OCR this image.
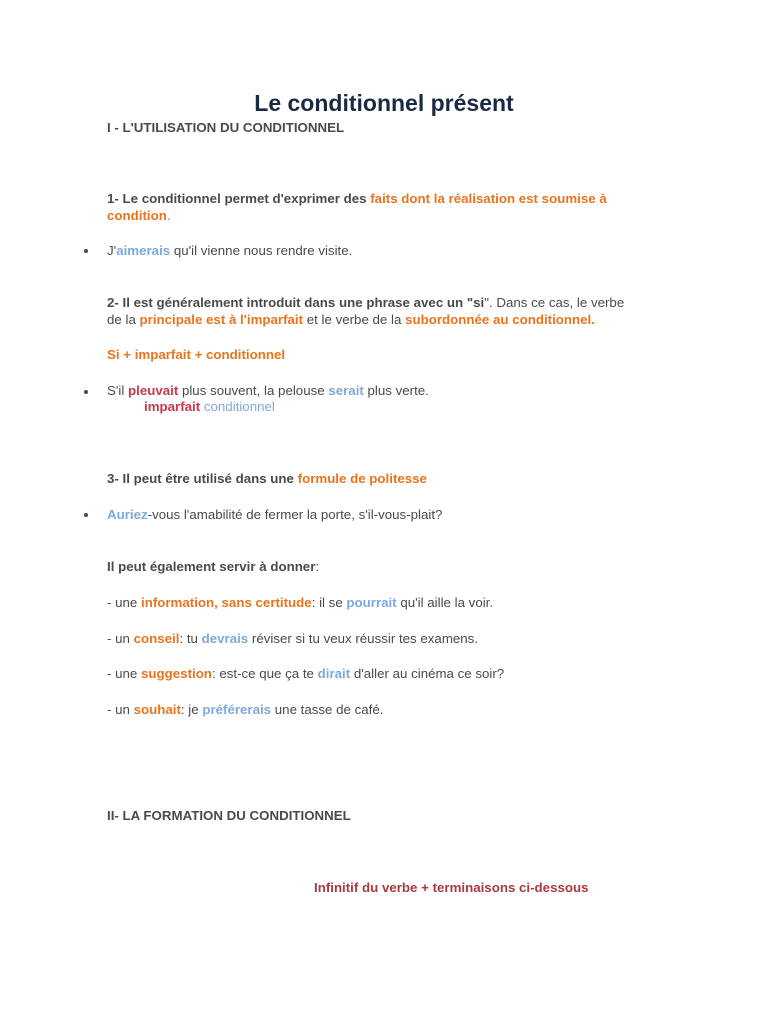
Le conditionnel présent
I - L'UTILISATION DU CONDITIONNEL
1- Le conditionnel permet d'exprimer des faits dont la réalisation est soumise à
condition.
J'aimerais qu'il vienne nous rendre visite.
2- Il est généralement introduit dans une phrase avec un "si". Dans ce cas, le verbe
de la principale est à l'imparfait et le verbe de la subordonnée au conditionnel.
Si + imparfait + conditionnel
S'il pleuvait plus souvent, la pelouse serait plus verte.
imparfait conditionnel
3- Il peut être utilisé dans une formule de politesse
Auriez-vous l'amabilité de fermer la porte, s'il-vous-plait?
Il peut également servir à donner:
- une information, sans certitude: il se pourrait qu'il aille la voir.
- un conseil: tu devrais réviser si tu veux réussir tes examens.
- une suggestion: est-ce que ça te dirait d'aller au cinéma ce soir?
- un souhait: je préférerais une tasse de café.
II- LA FORMATION DU CONDITIONNEL
Infinitif du verbe + terminaisons ci-dessous
